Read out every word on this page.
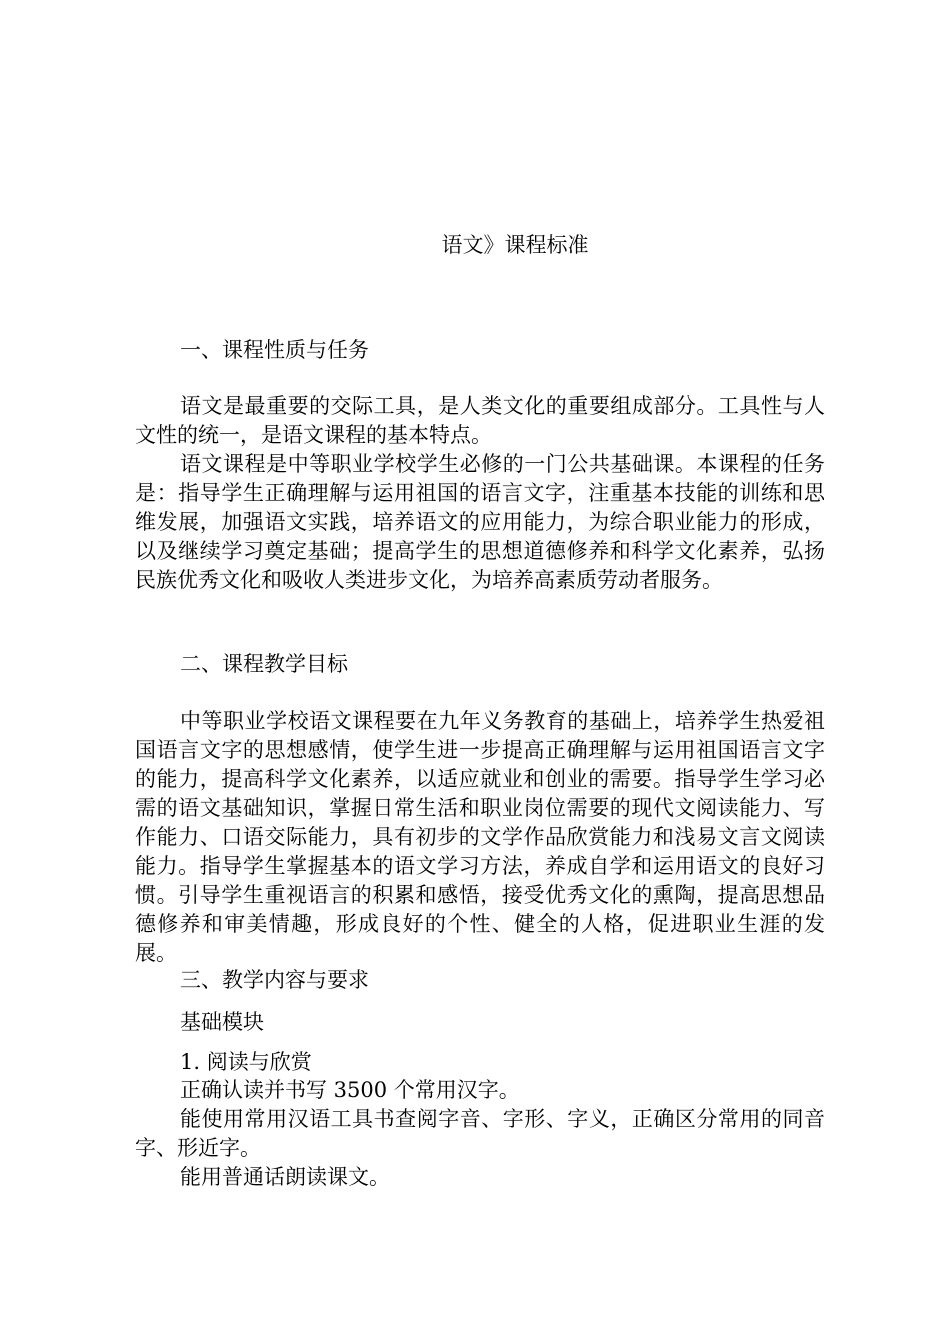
语文》课程标准

一、课程性质与任务

语文是最重要的交际工具，是人类文化的重要组成部分。工具性与人文性的统一，是语文课程的基本特点。

语文课程是中等职业学校学生必修的一门公共基础课。本课程的任务是：指导学生正确理解与运用祖国的语言文字，注重基本技能的训练和思维发展，加强语文实践，培养语文的应用能力，为综合职业能力的形成，以及继续学习奠定基础；提高学生的思想道德修养和科学文化素养，弘扬民族优秀文化和吸收人类进步文化，为培养高素质劳动者服务。

二、课程教学目标

中等职业学校语文课程要在九年义务教育的基础上，培养学生热爱祖国语言文字的思想感情，使学生进一步提高正确理解与运用祖国语言文字的能力，提高科学文化素养，以适应就业和创业的需要。指导学生学习必需的语文基础知识，掌握日常生活和职业岗位需要的现代文阅读能力、写作能力、口语交际能力，具有初步的文学作品欣赏能力和浅易文言文阅读能力。指导学生掌握基本的语文学习方法，养成自学和运用语文的良好习惯。引导学生重视语言的积累和感悟，接受优秀文化的熏陶，提高思想品德修养和审美情趣，形成良好的个性、健全的人格，促进职业生涯的发展。

三、教学内容与要求

基础模块

1. 阅读与欣赏

正确认读并书写 3500 个常用汉字。

能使用常用汉语工具书查阅字音、字形、字义，正确区分常用的同音字、形近字。

能用普通话朗读课文。
